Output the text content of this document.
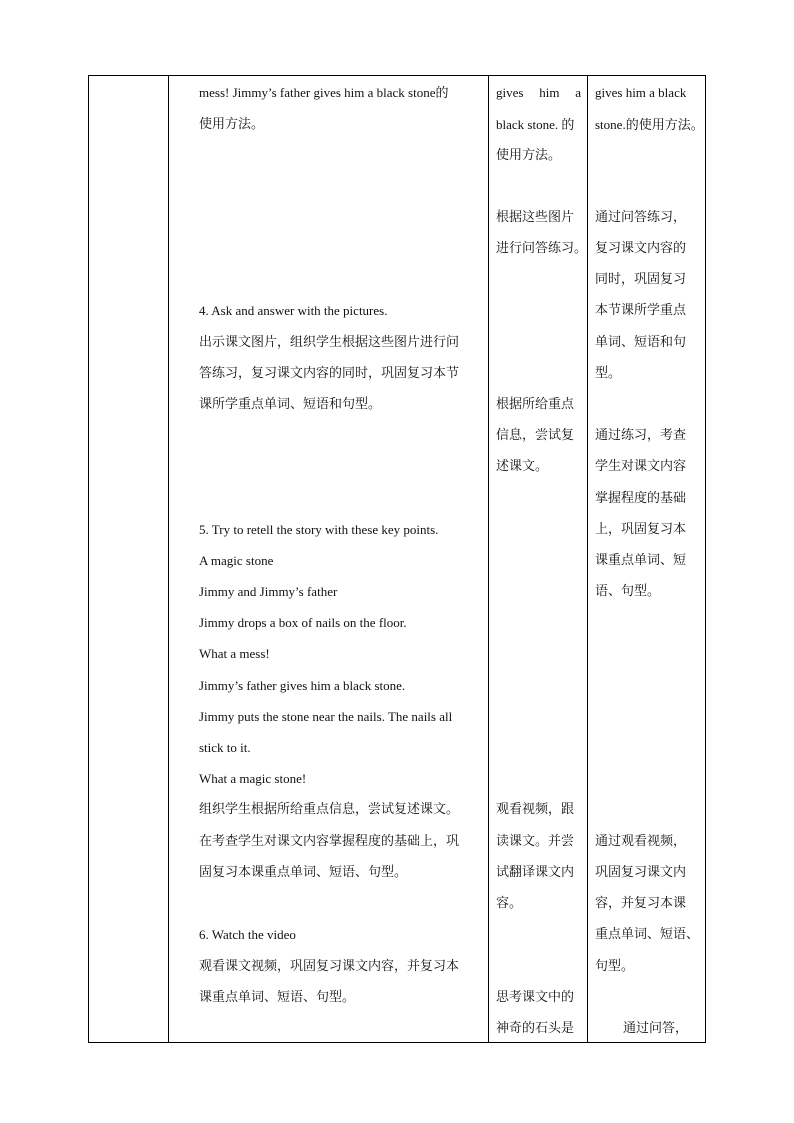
mess! Jimmy’s father gives him a black stone的
使用方法。
4. Ask and answer with the pictures.
出示课文图片，组织学生根据这些图片进行问
答练习，复习课文内容的同时，巩固复习本节
课所学重点单词、短语和句型。
5. Try to retell the story with these key points.
A magic stone
Jimmy and Jimmy’s father
Jimmy drops a box of nails on the floor.
What a mess!
Jimmy’s father gives him a black stone.
Jimmy puts the stone near the nails. The nails all
stick to it.
What a magic stone!
组织学生根据所给重点信息，尝试复述课文。
在考查学生对课文内容掌握程度的基础上，巩
固复习本课重点单词、短语、句型。
6. Watch the video
观看课文视频，巩固复习课文内容，并复习本
课重点单词、短语、句型。
gives him a
black stone. 的
使用方法。
根据这些图片
进行问答练习。
根据所给重点
信息，尝试复
述课文。
观看视频，跟
读课文。并尝
试翻译课文内
容。
思考课文中的
神奇的石头是
gives him a black
stone.的使用方法。
通过问答练习，
复习课文内容的
同时，巩固复习
本节课所学重点
单词、短语和句
型。
通过练习，考查
学生对课文内容
掌握程度的基础
上，巩固复习本
课重点单词、短
语、句型。
通过观看视频，
巩固复习课文内
容，并复习本课
重点单词、短语、
句型。
通过问答，
